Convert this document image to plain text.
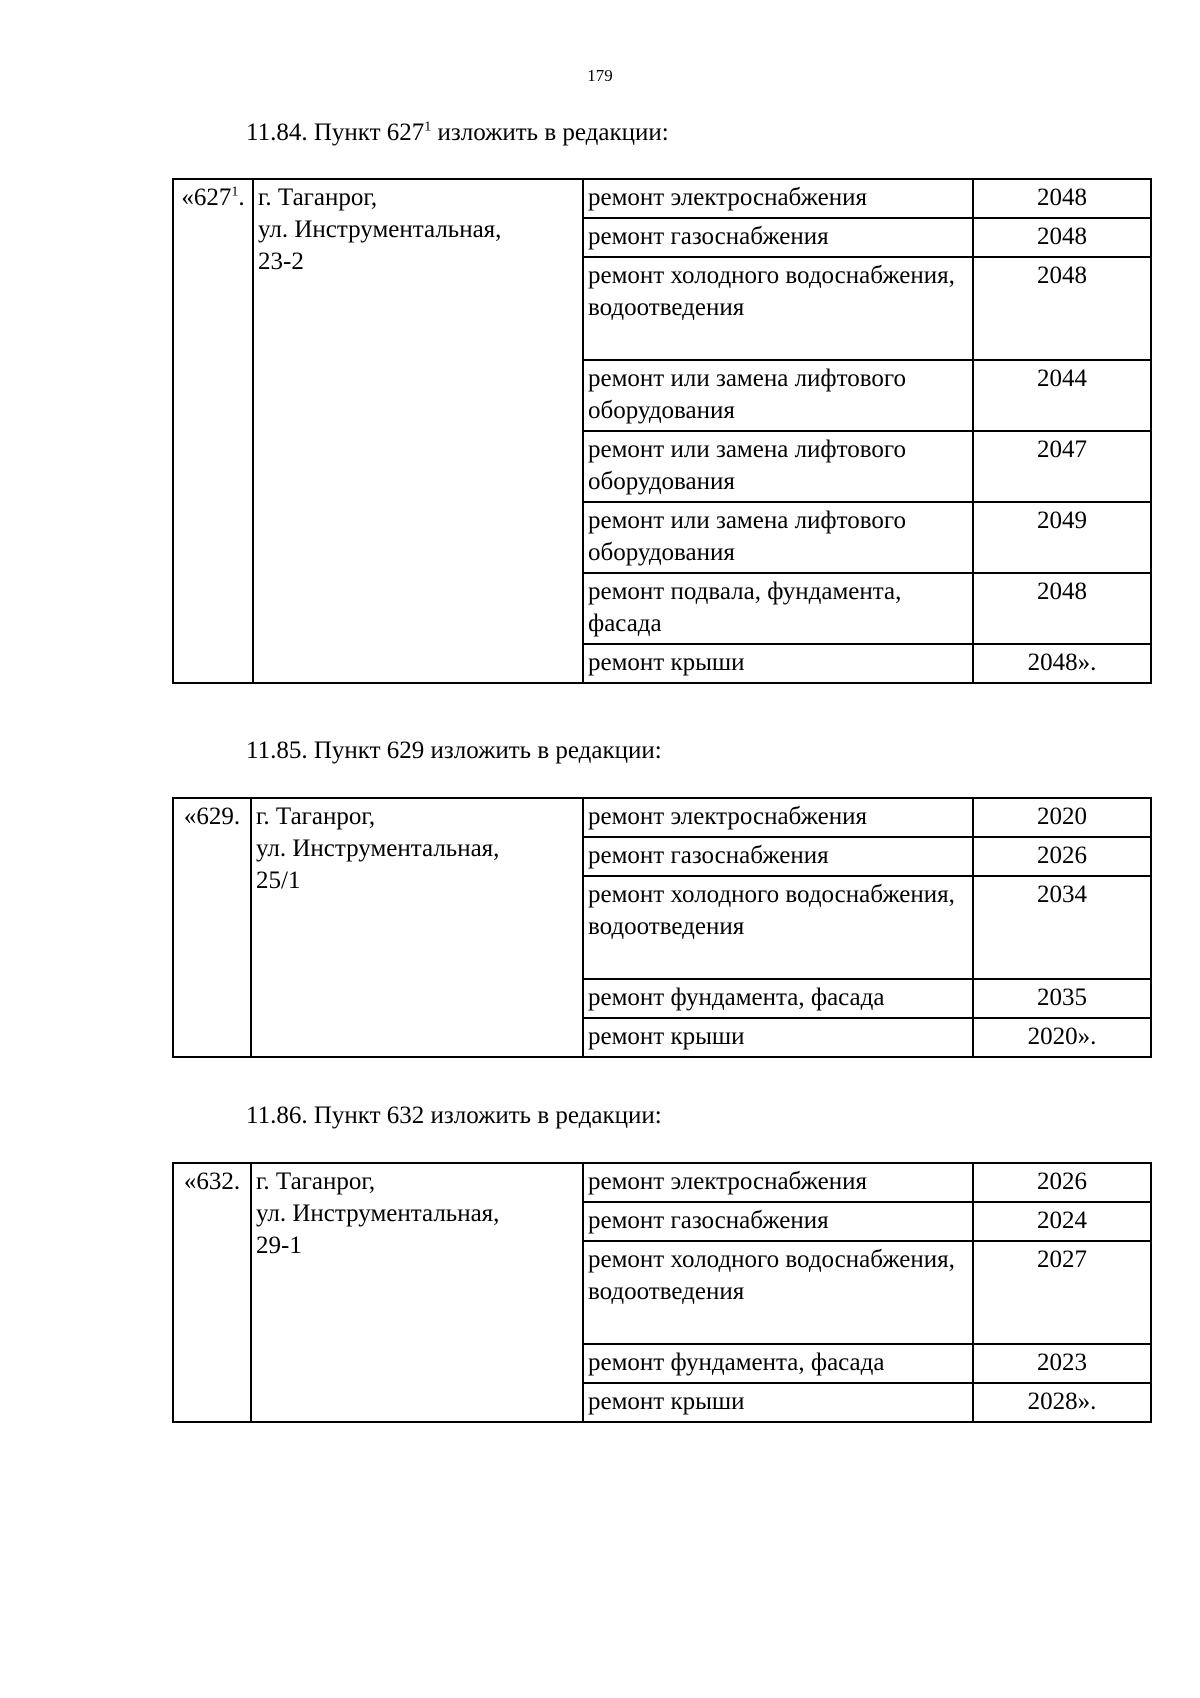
179
11.84. Пункт $627^1$ изложить в редакции:
«$627^1$.	г. Таганрог,
ул. Инструментальная,
23-2	ремонт электроснабжения	2048
		ремонт газоснабжения	2048
		ремонт холодного водоснабжения, водоотведения	2048
		ремонт или замена лифтового оборудования	2044
		ремонт или замена лифтового оборудования	2047
		ремонт или замена лифтового оборудования	2049
		ремонт подвала, фундамента, фасада	2048
		ремонт крыши	2048».
11.85. Пункт 629 изложить в редакции:
«629.	г. Таганрог,
ул. Инструментальная,
25/1	ремонт электроснабжения	2020
		ремонт газоснабжения	2026
		ремонт холодного водоснабжения, водоотведения	2034
		ремонт фундамента, фасада	2035
		ремонт крыши	2020».
11.86. Пункт 632 изложить в редакции:
«632.	г. Таганрог,
ул. Инструментальная,
29-1	ремонт электроснабжения	2026
		ремонт газоснабжения	2024
		ремонт холодного водоснабжения, водоотведения	2027
		ремонт фундамента, фасада	2023
		ремонт крыши	2028».
